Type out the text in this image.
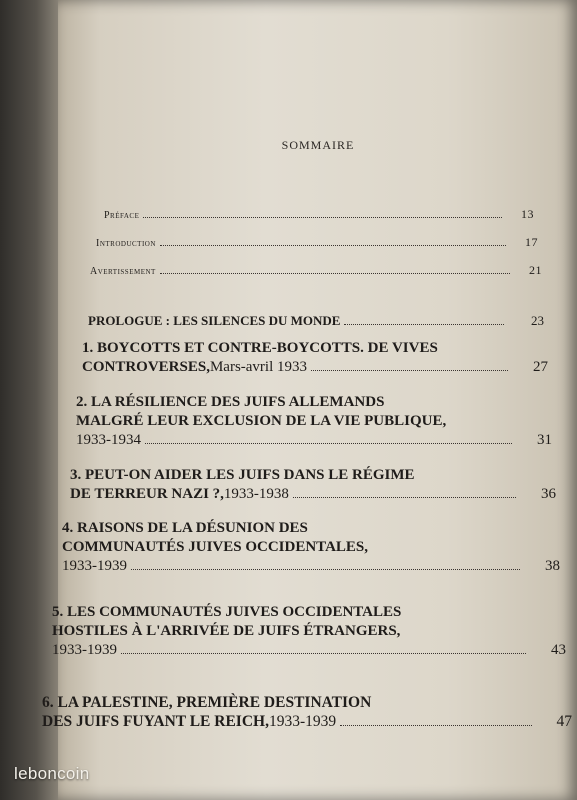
SOMMAIRE
Préface	13
Introduction	17
Avertissement	21
PROLOGUE : LES SILENCES DU MONDE	23
1. BOYCOTTS ET CONTRE-BOYCOTTS. DE VIVES
CONTROVERSES, Mars-avril 1933	27
2. LA RÉSILIENCE DES JUIFS ALLEMANDS
MALGRÉ LEUR EXCLUSION DE LA VIE PUBLIQUE,
1933-1934	31
3. PEUT-ON AIDER LES JUIFS DANS LE RÉGIME
DE TERREUR NAZI ?, 1933-1938	36
4. RAISONS DE LA DÉSUNION DES
COMMUNAUTÉS JUIVES OCCIDENTALES,
1933-1939	38
5. LES COMMUNAUTÉS JUIVES OCCIDENTALES
HOSTILES À L'ARRIVÉE DE JUIFS ÉTRANGERS,
1933-1939	43
6. LA PALESTINE, PREMIÈRE DESTINATION
DES JUIFS FUYANT LE REICH, 1933-1939	47
leboncoin
